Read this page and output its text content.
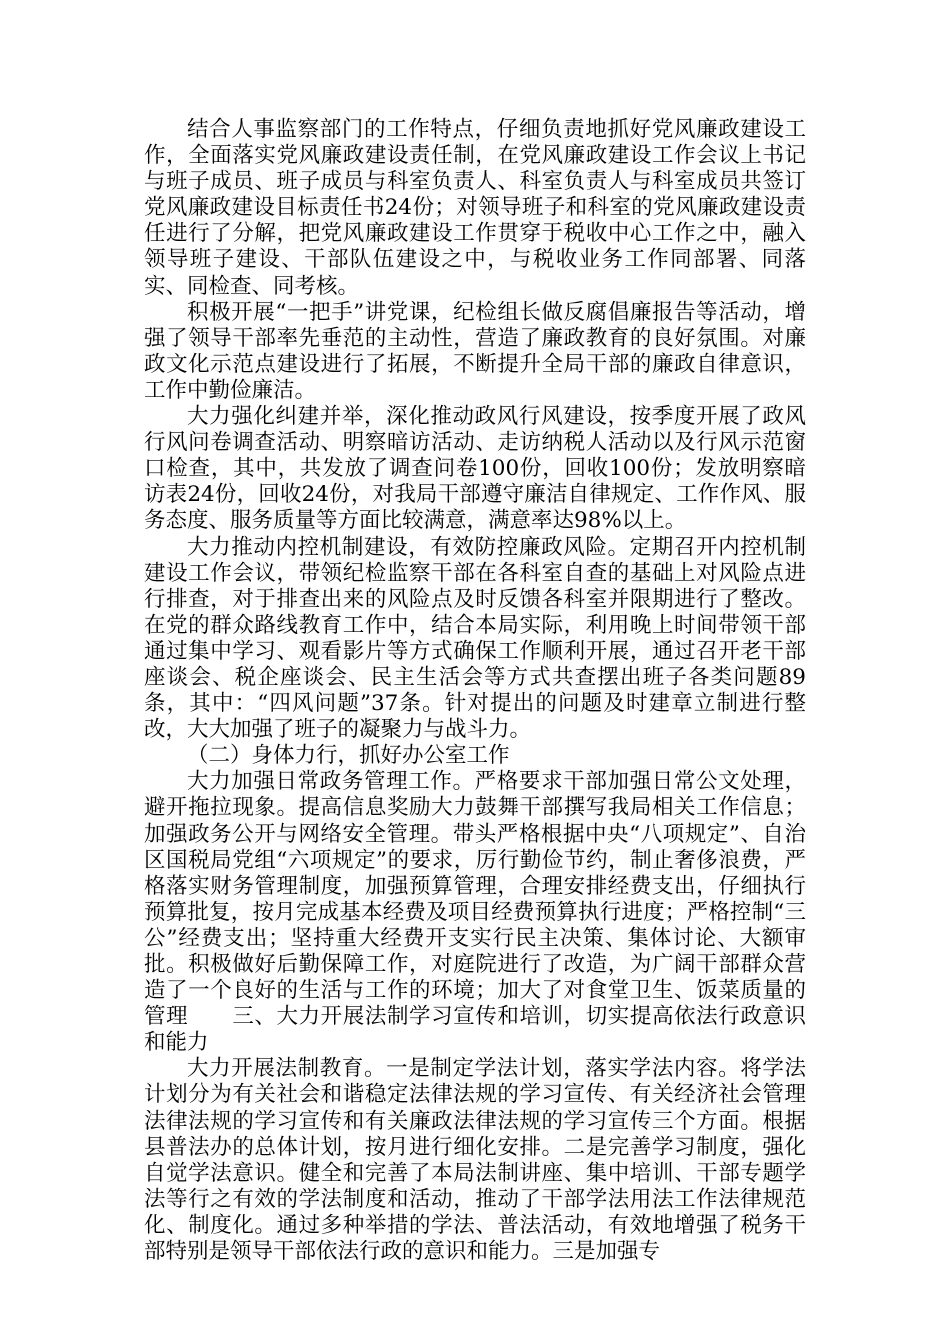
结合人事监察部门的工作特点，仔细负责地抓好党风廉政建设工作，全面落实党风廉政建设责任制，在党风廉政建设工作会议上书记与班子成员、班子成员与科室负责人、科室负责人与科室成员共签订党风廉政建设目标责任书24份；对领导班子和科室的党风廉政建设责任进行了分解，把党风廉政建设工作贯穿于税收中心工作之中，融入领导班子建设、干部队伍建设之中，与税收业务工作同部署、同落实、同检查、同考核。

积极开展“一把手”讲党课，纪检组长做反腐倡廉报告等活动，增强了领导干部率先垂范的主动性，营造了廉政教育的良好氛围。对廉政文化示范点建设进行了拓展，不断提升全局干部的廉政自律意识，工作中勤俭廉洁。

大力强化纠建并举，深化推动政风行风建设，按季度开展了政风行风问卷调查活动、明察暗访活动、走访纳税人活动以及行风示范窗口检查，其中，共发放了调查问卷100份，回收100份；发放明察暗访表24份，回收24份，对我局干部遵守廉洁自律规定、工作作风、服务态度、服务质量等方面比较满意，满意率达98%以上。

大力推动内控机制建设，有效防控廉政风险。定期召开内控机制建设工作会议，带领纪检监察干部在各科室自查的基础上对风险点进行排查，对于排查出来的风险点及时反馈各科室并限期进行了整改。在党的群众路线教育工作中，结合本局实际，利用晚上时间带领干部通过集中学习、观看影片等方式确保工作顺利开展，通过召开老干部座谈会、税企座谈会、民主生活会等方式共查摆出班子各类问题89条，其中：“四风问题”37条。针对提出的问题及时建章立制进行整改，大大加强了班子的凝聚力与战斗力。

（二）身体力行，抓好办公室工作

大力加强日常政务管理工作。严格要求干部加强日常公文处理，避开拖拉现象。提高信息奖励大力鼓舞干部撰写我局相关工作信息；加强政务公开与网络安全管理。带头严格根据中央“八项规定”、自治区国税局党组“六项规定”的要求，厉行勤俭节约，制止奢侈浪费，严格落实财务管理制度，加强预算管理，合理安排经费支出，仔细执行预算批复，按月完成基本经费及项目经费预算执行进度；严格控制“三公”经费支出；坚持重大经费开支实行民主决策、集体讨论、大额审批。积极做好后勤保障工作，对庭院进行了改造，为广阔干部群众营造了一个良好的生活与工作的环境；加大了对食堂卫生、饭菜质量的管理　　三、大力开展法制学习宣传和培训，切实提高依法行政意识和能力

大力开展法制教育。一是制定学法计划，落实学法内容。将学法计划分为有关社会和谐稳定法律法规的学习宣传、有关经济社会管理法律法规的学习宣传和有关廉政法律法规的学习宣传三个方面。根据县普法办的总体计划，按月进行细化安排。二是完善学习制度，强化自觉学法意识。健全和完善了本局法制讲座、集中培训、干部专题学法等行之有效的学法制度和活动，推动了干部学法用法工作法律规范化、制度化。通过多种举措的学法、普法活动，有效地增强了税务干部特别是领导干部依法行政的意识和能力。三是加强专
